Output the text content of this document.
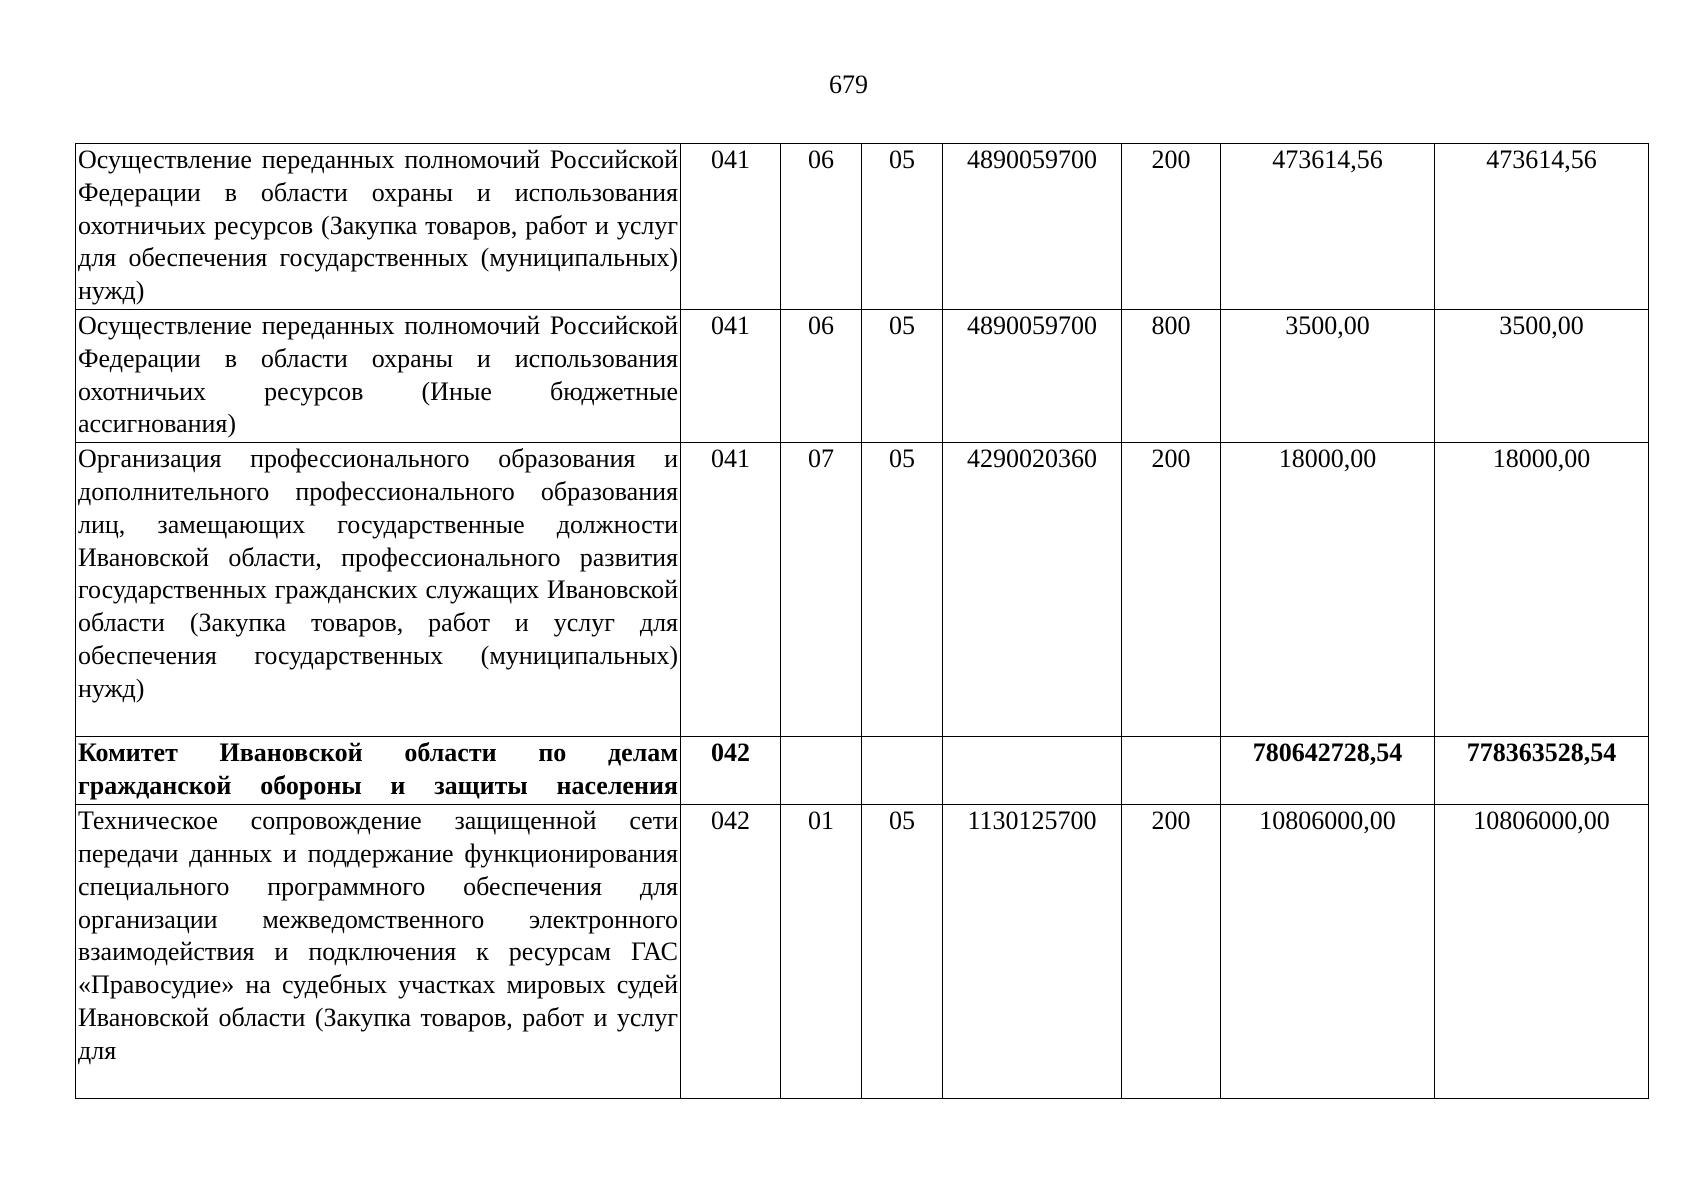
679
Осуществление переданных полномочий Российской Федерации в области охраны и использования охотничьих ресурсов (Закупка товаров, работ и услуг для обеспечения государственных (муниципальных) нужд)	041	06	05	4890059700	200	473614,56	473614,56
Осуществление переданных полномочий Российской Федерации в области охраны и использования охотничьих ресурсов (Иные бюджетные ассигнования)	041	06	05	4890059700	800	3500,00	3500,00
Организация профессионального образования и дополнительного профессионального образования лиц, замещающих государственные должности Ивановской области, профессионального развития государственных гражданских служащих Ивановской области (Закупка товаров, работ и услуг для обеспечения государственных (муниципальных) нужд)	041	07	05	4290020360	200	18000,00	18000,00
Комитет Ивановской области по делам гражданской обороны и защиты населения	042					780642728,54	778363528,54
Техническое сопровождение защищенной сети передачи данных и поддержание функционирования специального программного обеспечения для организации межведомственного электронного взаимодействия и подключения к ресурсам ГАС «Правосудие» на судебных участках мировых судей Ивановской области (Закупка товаров, работ и услуг для	042	01	05	1130125700	200	10806000,00	10806000,00
